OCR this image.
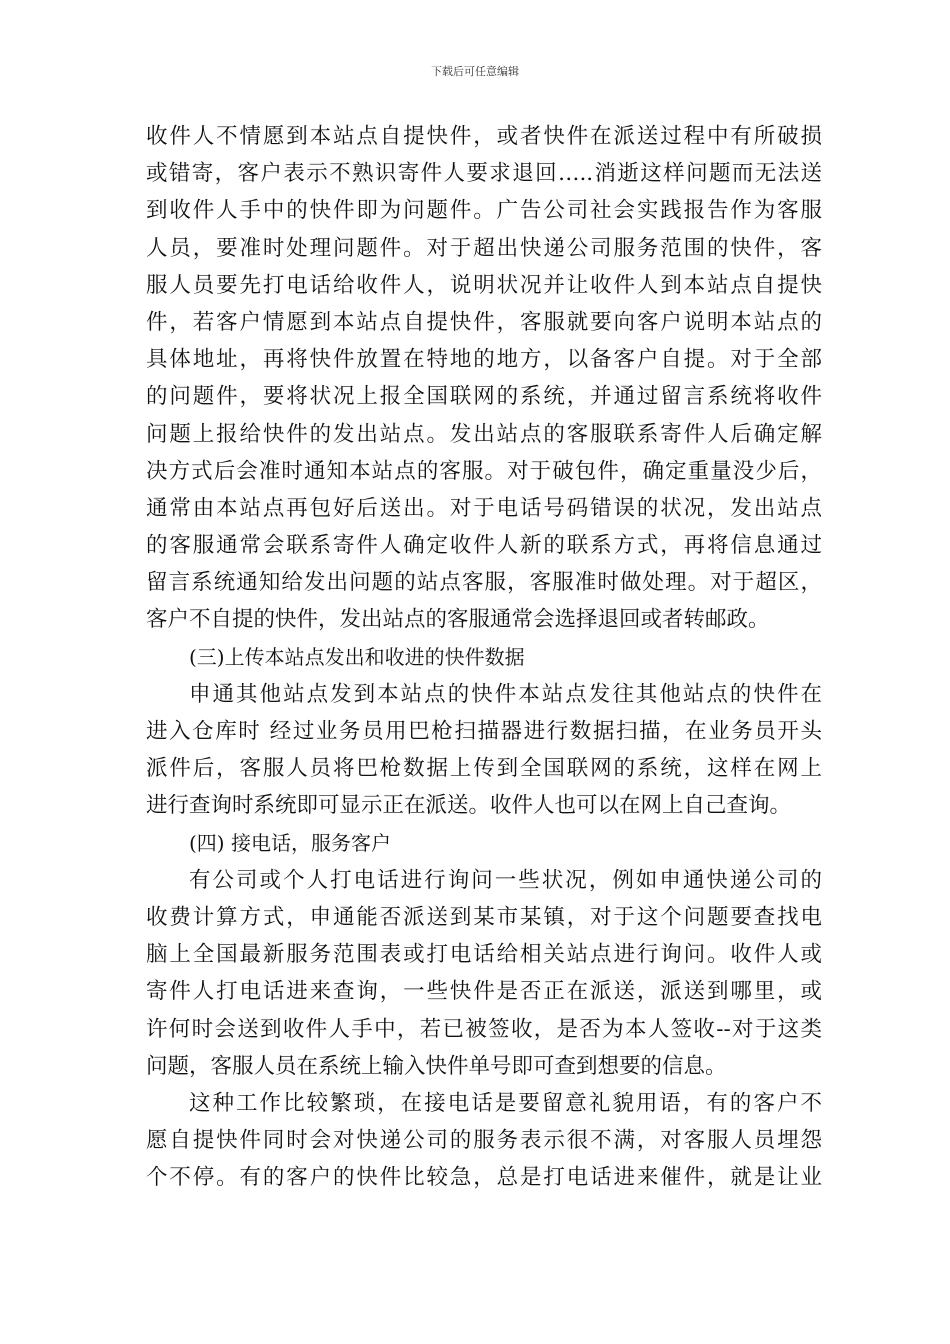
下载后可任意编辑
收件人不情愿到本站点自提快件，或者快件在派送过程中有所破损
或错寄，客户表示不熟识寄件人要求退回…..消逝这样问题而无法送
到收件人手中的快件即为问题件。广告公司社会实践报告作为客服
人员，要准时处理问题件。对于超出快递公司服务范围的快件，客
服人员要先打电话给收件人，说明状况并让收件人到本站点自提快
件，若客户情愿到本站点自提快件，客服就要向客户说明本站点的
具体地址，再将快件放置在特地的地方，以备客户自提。对于全部
的问题件，要将状况上报全国联网的系统，并通过留言系统将收件
问题上报给快件的发出站点。发出站点的客服联系寄件人后确定解
决方式后会准时通知本站点的客服。对于破包件，确定重量没少后，
通常由本站点再包好后送出。对于电话号码错误的状况，发出站点
的客服通常会联系寄件人确定收件人新的联系方式，再将信息通过
留言系统通知给发出问题的站点客服，客服准时做处理。对于超区，
客户不自提的快件，发出站点的客服通常会选择退回或者转邮政。
(三)上传本站点发出和收进的快件数据
申通其他站点发到本站点的快件本站点发往其他站点的快件在
进入仓库时 经过业务员用巴枪扫描器进行数据扫描，在业务员开头
派件后，客服人员将巴枪数据上传到全国联网的系统，这样在网上
进行查询时系统即可显示正在派送。收件人也可以在网上自己查询。
(四) 接电话，服务客户
有公司或个人打电话进行询问一些状况，例如申通快递公司的
收费计算方式，申通能否派送到某市某镇，对于这个问题要查找电
脑上全国最新服务范围表或打电话给相关站点进行询问。收件人或
寄件人打电话进来查询，一些快件是否正在派送，派送到哪里，或
许何时会送到收件人手中，若已被签收，是否为本人签收--对于这类
问题，客服人员在系统上输入快件单号即可查到想要的信息。
这种工作比较繁琐，在接电话是要留意礼貌用语，有的客户不
愿自提快件同时会对快递公司的服务表示很不满，对客服人员埋怨
个不停。有的客户的快件比较急，总是打电话进来催件，就是让业
